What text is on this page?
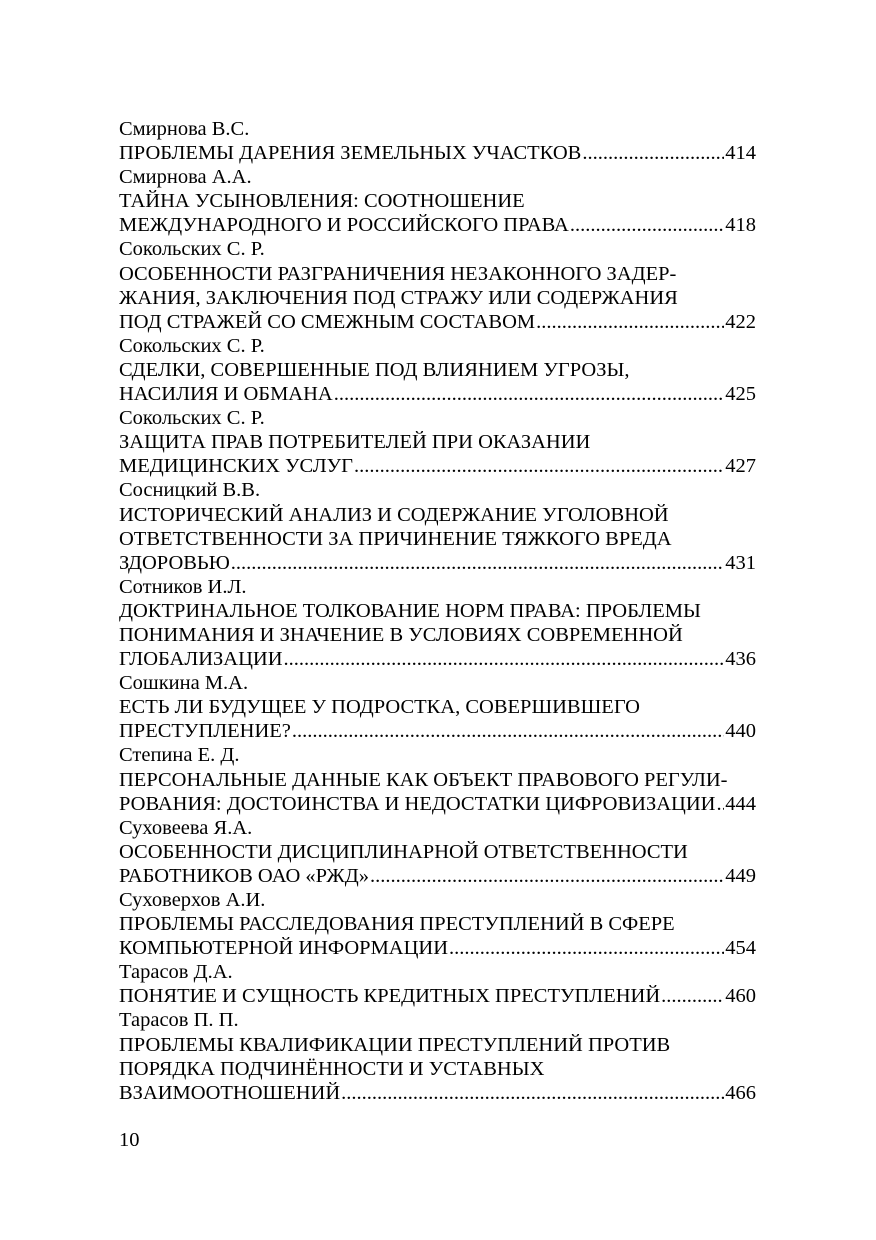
Смирнова В.С.
ПРОБЛЕМЫ ДАРЕНИЯ ЗЕМЕЛЬНЫХ УЧАСТКОВ .....	414
Смирнова А.А.
ТАЙНА УСЫНОВЛЕНИЯ: СООТНОШЕНИЕ
МЕЖДУНАРОДНОГО И РОССИЙСКОГО ПРАВА .....	418
Сокольских С. Р.
ОСОБЕННОСТИ РАЗГРАНИЧЕНИЯ НЕЗАКОННОГО ЗАДЕР-
ЖАНИЯ, ЗАКЛЮЧЕНИЯ ПОД СТРАЖУ ИЛИ СОДЕРЖАНИЯ
ПОД СТРАЖЕЙ СО СМЕЖНЫМ СОСТАВОМ .....	422
Сокольских С. Р.
СДЕЛКИ, СОВЕРШЕННЫЕ ПОД ВЛИЯНИЕМ УГРОЗЫ,
НАСИЛИЯ И ОБМАНА .....	425
Сокольских С. Р.
ЗАЩИТА ПРАВ ПОТРЕБИТЕЛЕЙ ПРИ ОКАЗАНИИ
МЕДИЦИНСКИХ УСЛУГ .....	427
Сосницкий В.В.
ИСТОРИЧЕСКИЙ АНАЛИЗ И СОДЕРЖАНИЕ УГОЛОВНОЙ
ОТВЕТСТВЕННОСТИ ЗА ПРИЧИНЕНИЕ ТЯЖКОГО ВРЕДА
ЗДОРОВЬЮ .....	431
Сотников И.Л.
ДОКТРИНАЛЬНОЕ ТОЛКОВАНИЕ НОРМ ПРАВА: ПРОБЛЕМЫ
ПОНИМАНИЯ И ЗНАЧЕНИЕ В УСЛОВИЯХ СОВРЕМЕННОЙ
ГЛОБАЛИЗАЦИИ .....	436
Сошкина М.А.
ЕСТЬ ЛИ БУДУЩЕЕ У ПОДРОСТКА, СОВЕРШИВШЕГО
ПРЕСТУПЛЕНИЕ? .....	440
Степина Е. Д.
ПЕРСОНАЛЬНЫЕ ДАННЫЕ КАК ОБЪЕКТ ПРАВОВОГО РЕГУЛИ-
РОВАНИЯ: ДОСТОИНСТВА И НЕДОСТАТКИ ЦИФРОВИЗАЦИИ ..... 444
Суховеева Я.А.
ОСОБЕННОСТИ ДИСЦИПЛИНАРНОЙ ОТВЕТСТВЕННОСТИ
РАБОТНИКОВ ОАО «РЖД» .....	449
Суховерхов А.И.
ПРОБЛЕМЫ РАССЛЕДОВАНИЯ ПРЕСТУПЛЕНИЙ В СФЕРЕ
КОМПЬЮТЕРНОЙ ИНФОРМАЦИИ .....	454
Тарасов Д.А.
ПОНЯТИЕ И СУЩНОСТЬ КРЕДИТНЫХ ПРЕСТУПЛЕНИЙ .....	460
Тарасов П. П.
ПРОБЛЕМЫ КВАЛИФИКАЦИИ ПРЕСТУПЛЕНИЙ ПРОТИВ
ПОРЯДКА ПОДЧИНЁННОСТИ И УСТАВНЫХ
ВЗАИМООТНОШЕНИЙ .....	466
10
